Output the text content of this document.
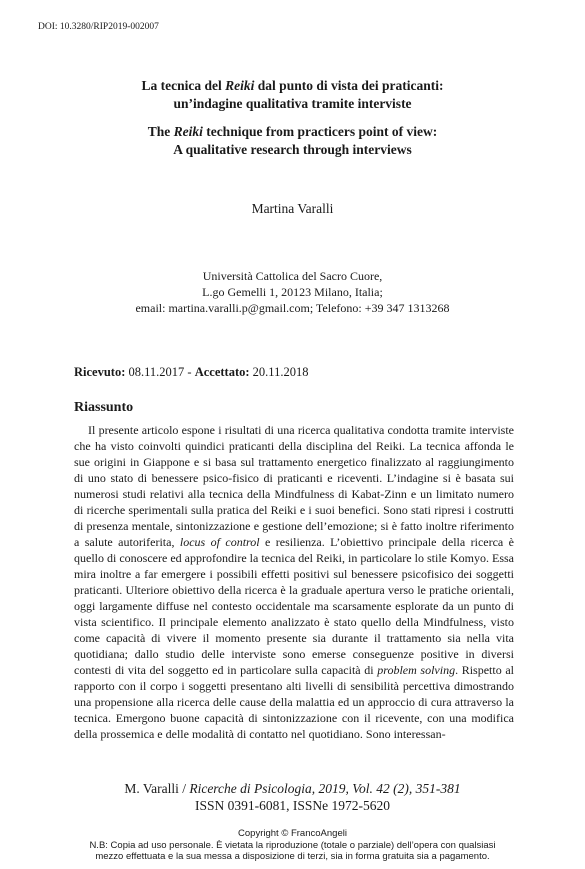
DOI: 10.3280/RIP2019-002007
La tecnica del Reiki dal punto di vista dei praticanti:
un’indagine qualitativa tramite interviste
The Reiki technique from practicers point of view:
A qualitative research through interviews
Martina Varalli
Università Cattolica del Sacro Cuore,
L.go Gemelli 1, 20123 Milano, Italia;
email: martina.varalli.p@gmail.com; Telefono: +39 347 1313268
Ricevuto: 08.11.2017 - Accettato: 20.11.2018
Riassunto

Il presente articolo espone i risultati di una ricerca qualitativa condotta tramite interviste che ha visto coinvolti quindici praticanti della disciplina del Reiki. La tecnica affonda le sue origini in Giappone e si basa sul trattamento energetico finalizzato al raggiungimento di uno stato di benessere psico-fisico di praticanti e riceventi. L’indagine si è basata sui numerosi studi relativi alla tecnica della Mindfulness di Kabat-Zinn e un limitato numero di ricerche sperimentali sulla pratica del Reiki e i suoi benefici. Sono stati ripresi i costrutti di presenza mentale, sintonizzazione e gestione dell’emozione; si è fatto inoltre riferimento a salute autoriferita, locus of control e resilienza. L’obiettivo principale della ricerca è quello di conoscere ed approfondire la tecnica del Reiki, in particolare lo stile Komyo. Essa mira inoltre a far emergere i possibili effetti positivi sul benessere psicofisico dei soggetti praticanti. Ulteriore obiettivo della ricerca è la graduale apertura verso le pratiche orientali, oggi largamente diffuse nel contesto occidentale ma scarsamente esplorate da un punto di vista scientifico. Il principale elemento analizzato è stato quello della Mindfulness, visto come capacità di vivere il momento presente sia durante il trattamento sia nella vita quotidiana; dallo studio delle interviste sono emerse conseguenze positive in diversi contesti di vita del soggetto ed in particolare sulla capacità di problem solving. Rispetto al rapporto con il corpo i soggetti presentano alti livelli di sensibilità percettiva dimostrando una propensione alla ricerca delle cause della malattia ed un approccio di cura attraverso la tecnica. Emergono buone capacità di sintonizzazione con il ricevente, con una modifica della prossemica e delle modalità di contatto nel quotidiano. Sono interessan-

M. Varalli / Ricerche di Psicologia, 2019, Vol. 42 (2), 351-381
ISSN 0391-6081, ISSNe 1972-5620
Copyright © FrancoAngeli
N.B: Copia ad uso personale. È vietata la riproduzione (totale o parziale) dell’opera con qualsiasi
mezzo effettuata e la sua messa a disposizione di terzi, sia in forma gratuita sia a pagamento.
